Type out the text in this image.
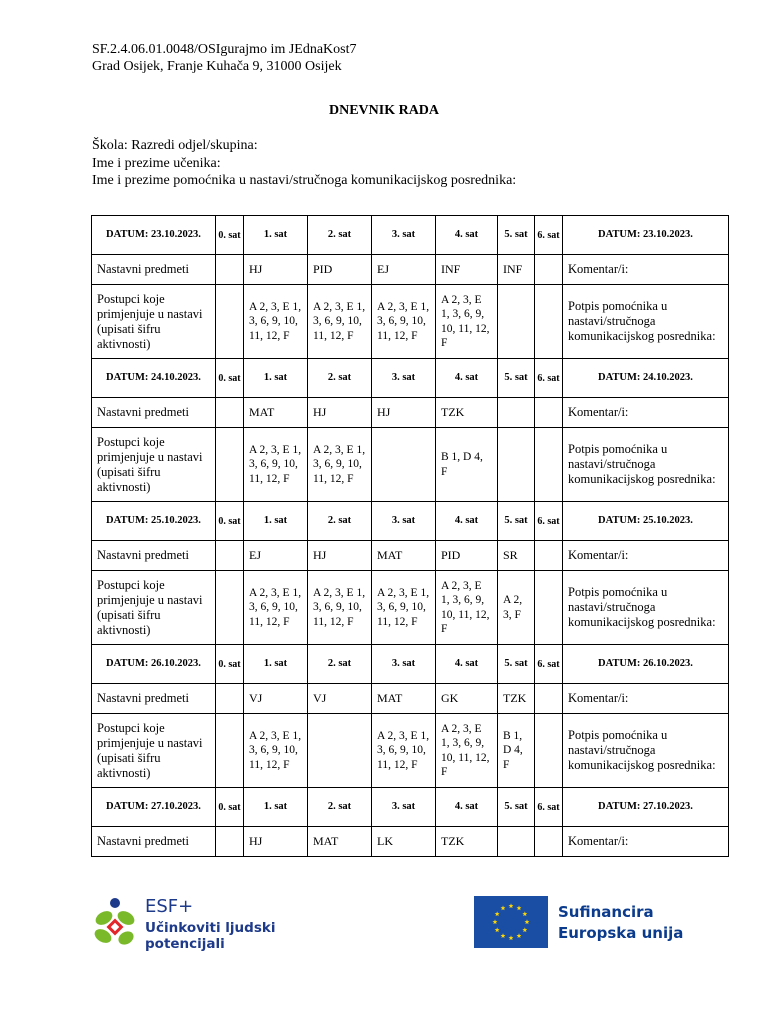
SF.2.4.06.01.0048/OSIgurajmo im JEdnaKost7
Grad Osijek, Franje Kuhača 9, 31000 Osijek
DNEVNIK RADA
Škola: Razredi odjel/skupina:
Ime i prezime učenika:
Ime i prezime pomoćnika u nastavi/stručnoga komunikacijskog posrednika:
DATUM: 23.10.2023.	0. sat	1. sat	2. sat	3. sat	4. sat	5. sat	6. sat	DATUM: 23.10.2023.
Nastavni predmeti		HJ	PID	EJ	INF	INF		Komentar/i:
Postupci koje primjenjuje u nastavi (upisati šifru aktivnosti)		A 2, 3, E 1, 3, 6, 9, 10, 11, 12, F	A 2, 3, E 1, 3, 6, 9, 10, 11, 12, F	A 2, 3, E 1, 3, 6, 9, 10, 11, 12, F	A 2, 3, E 1, 3, 6, 9, 10, 11, 12, F			Potpis pomoćnika u nastavi/stručnoga komunikacijskog posrednika:
DATUM: 24.10.2023.	0. sat	1. sat	2. sat	3. sat	4. sat	5. sat	6. sat	DATUM: 24.10.2023.
Nastavni predmeti		MAT	HJ	HJ	TZK			Komentar/i:
Postupci koje primjenjuje u nastavi (upisati šifru aktivnosti)		A 2, 3, E 1, 3, 6, 9, 10, 11, 12, F	A 2, 3, E 1, 3, 6, 9, 10, 11, 12, F		B 1, D 4, F			Potpis pomoćnika u nastavi/stručnoga komunikacijskog posrednika:
DATUM: 25.10.2023.	0. sat	1. sat	2. sat	3. sat	4. sat	5. sat	6. sat	DATUM: 25.10.2023.
Nastavni predmeti		EJ	HJ	MAT	PID	SR		Komentar/i:
Postupci koje primjenjuje u nastavi (upisati šifru aktivnosti)		A 2, 3, E 1, 3, 6, 9, 10, 11, 12, F	A 2, 3, E 1, 3, 6, 9, 10, 11, 12, F	A 2, 3, E 1, 3, 6, 9, 10, 11, 12, F	A 2, 3, E 1, 3, 6, 9, 10, 11, 12, F	A 2, 3, F		Potpis pomoćnika u nastavi/stručnoga komunikacijskog posrednika:
DATUM: 26.10.2023.	0. sat	1. sat	2. sat	3. sat	4. sat	5. sat	6. sat	DATUM: 26.10.2023.
Nastavni predmeti		VJ	VJ	MAT	GK	TZK		Komentar/i:
Postupci koje primjenjuje u nastavi (upisati šifru aktivnosti)		A 2, 3, E 1, 3, 6, 9, 10, 11, 12, F		A 2, 3, E 1, 3, 6, 9, 10, 11, 12, F	A 2, 3, E 1, 3, 6, 9, 10, 11, 12, F	B 1, D 4, F		Potpis pomoćnika u nastavi/stručnoga komunikacijskog posrednika:
DATUM: 27.10.2023.	0. sat	1. sat	2. sat	3. sat	4. sat	5. sat	6. sat	DATUM: 27.10.2023.
Nastavni predmeti		HJ	MAT	LK	TZK			Komentar/i:
ESF+
Učinkoviti ljudski potencijali
Sufinancira Europska unija
